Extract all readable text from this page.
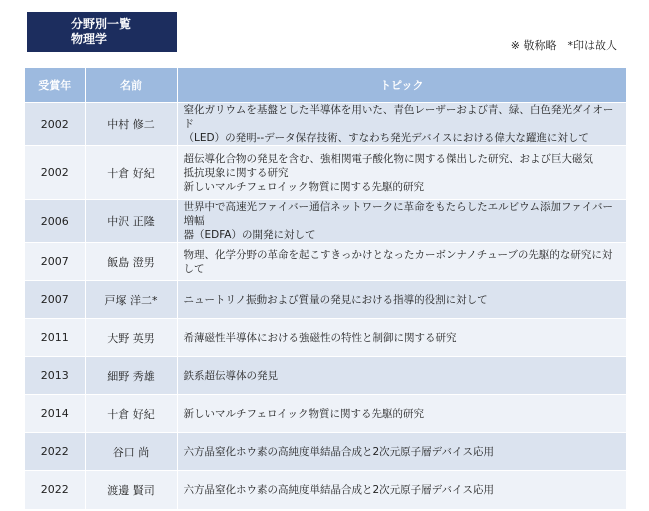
分野別一覧
物理学	※ 敬称略　*印は故人
受賞年	名前	トピック
2002	中村 修二	窒化ガリウムを基盤とした半導体を用いた、青色レーザーおよび青、緑、白色発光ダイオード
（LED）の発明--データ保存技術、すなわち発光デバイスにおける偉大な躍進に対して

2002	十倉 好紀	超伝導化合物の発見を含む、強相関電子酸化物に関する傑出した研究、および巨大磁気
抵抗現象に関する研究
新しいマルチフェロイック物質に関する先駆的研究

2006	中沢 正隆	世界中で高速光ファイバー通信ネットワークに革命をもたらしたエルビウム添加ファイバー増幅
器（EDFA）の開発に対して

2007	飯島 澄男	物理、化学分野の革命を起こすきっかけとなったカーボンナノチューブの先駆的な研究に対
して

2007	戸塚 洋二*	ニュートリノ振動および質量の発見における指導的役割に対して

2011	大野 英男	希薄磁性半導体における強磁性の特性と制御に関する研究

2013	細野 秀雄	鉄系超伝導体の発見

2014	十倉 好紀	新しいマルチフェロイック物質に関する先駆的研究

2022	谷口 尚	六方晶窒化ホウ素の高純度単結晶合成と2次元原子層デバイス応用

2022	渡邊 賢司	六方晶窒化ホウ素の高純度単結晶合成と2次元原子層デバイス応用
